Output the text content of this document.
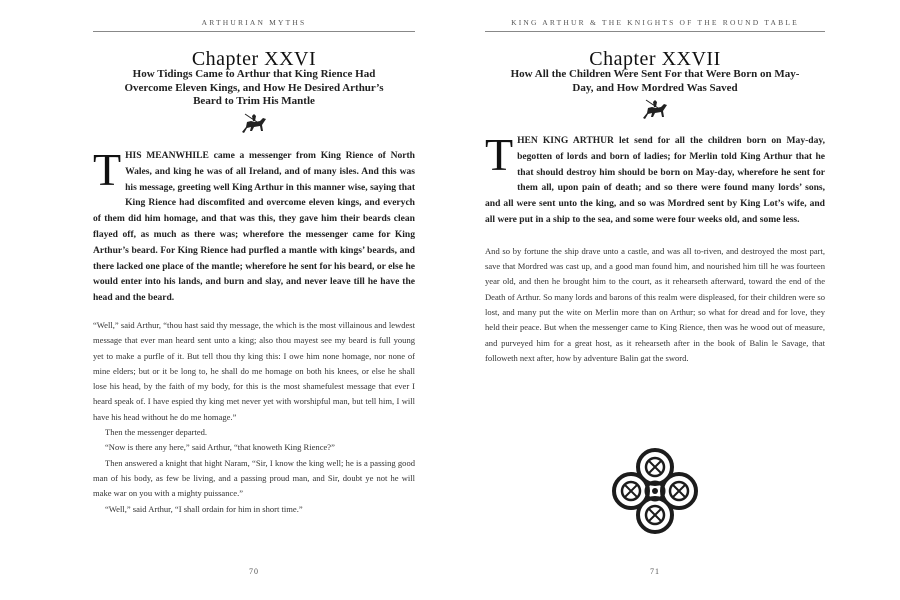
ARTHURIAN MYTHS
Chapter XXVI
How Tidings Came to Arthur that King Rience Had Overcome Eleven Kings, and How He Desired Arthur’s Beard to Trim His Mantle

THIS MEANWHILE came a messenger from King Rience of North Wales, and king he was of all Ireland, and of many isles. And this was his message, greeting well King Arthur in this manner wise, saying that King Rience had discomfited and overcome eleven kings, and everych of them did him homage, and that was this, they gave him their beards clean flayed off, as much as there was; wherefore the messenger came for King Arthur’s beard. For King Rience had purfled a mantle with kings’ beards, and there lacked one place of the mantle; wherefore he sent for his beard, or else he would enter into his lands, and burn and slay, and never leave till he have the head and the beard.

“Well,” said Arthur, “thou hast said thy message, the which is the most villainous and lewdest message that ever man heard sent unto a king; also thou mayest see my beard is full young yet to make a purfle of it. But tell thou thy king this: I owe him none homage, nor none of mine elders; but or it be long to, he shall do me homage on both his knees, or else he shall lose his head, by the faith of my body, for this is the most shamefulest message that ever I heard speak of. I have espied thy king met never yet with worshipful man, but tell him, I will have his head without he do me homage.”

Then the messenger departed.

“Now is there any here,” said Arthur, “that knoweth King Rience?”

Then answered a knight that hight Naram, “Sir, I know the king well; he is a passing good man of his body, as few be living, and a passing proud man, and Sir, doubt ye not he will make war on you with a mighty puissance.”

“Well,” said Arthur, “I shall ordain for him in short time.”

70
KING ARTHUR & THE KNIGHTS OF THE ROUND TABLE
Chapter XXVII
How All the Children Were Sent For that Were Born on May-Day, and How Mordred Was Saved

THEN KING ARTHUR let send for all the children born on May-day, begotten of lords and born of ladies; for Merlin told King Arthur that he that should destroy him should be born on May-day, wherefore he sent for them all, upon pain of death; and so there were found many lords’ sons, and all were sent unto the king, and so was Mordred sent by King Lot’s wife, and all were put in a ship to the sea, and some were four weeks old, and some less.

And so by fortune the ship drave unto a castle, and was all to-riven, and destroyed the most part, save that Mordred was cast up, and a good man found him, and nourished him till he was fourteen year old, and then he brought him to the court, as it rehearseth afterward, toward the end of the Death of Arthur. So many lords and barons of this realm were displeased, for their children were so lost, and many put the wite on Merlin more than on Arthur; so what for dread and for love, they held their peace. But when the messenger came to King Rience, then was he wood out of measure, and purveyed him for a great host, as it rehearseth after in the book of Balin le Savage, that followeth next after, how by adventure Balin gat the sword.

71
